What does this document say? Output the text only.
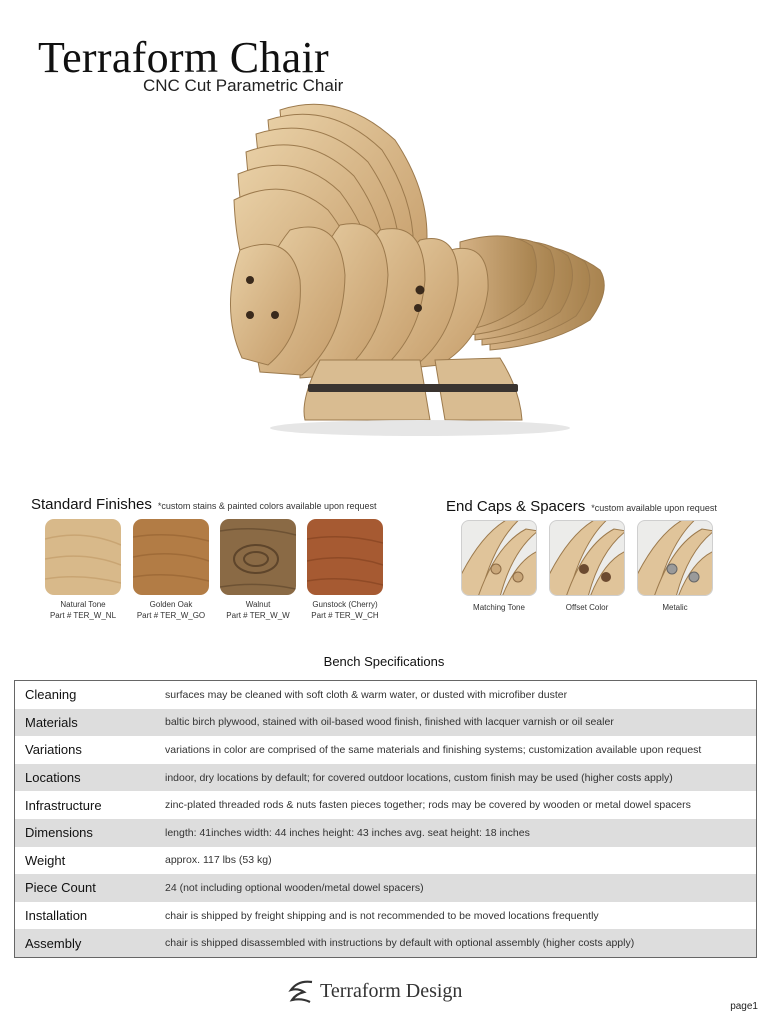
Terraform Chair
CNC Cut Parametric Chair
Standard Finishes *custom stains & painted colors available upon request
Natural Tone
Part # TER_W_NL
Golden Oak
Part # TER_W_GO
Walnut
Part # TER_W_W
Gunstock (Cherry)
Part # TER_W_CH
End Caps & Spacers *custom available upon request
Matching Tone	Offset Color	Metalic
Bench Specifications
Cleaning	surfaces may be cleaned with soft cloth & warm water, or dusted with microfiber duster
Materials	baltic birch plywood, stained with oil-based wood finish, finished with lacquer varnish or oil sealer
Variations	variations in color are comprised of the same materials and finishing systems; customization available upon request
Locations	indoor, dry locations by default; for covered outdoor locations, custom finish may be used (higher costs apply)
Infrastructure	zinc-plated threaded rods & nuts fasten pieces together; rods may be covered by wooden or metal dowel spacers
Dimensions	length: 41inches width: 44 inches height: 43 inches avg. seat height: 18 inches
Weight	approx. 117 lbs (53 kg)
Piece Count	24 (not including optional wooden/metal dowel spacers)
Installation	chair is shipped by freight shipping and is not recommended to be moved locations frequently
Assembly	chair is shipped disassembled with instructions by default with optional assembly (higher costs apply)
Terraform Design
page1
